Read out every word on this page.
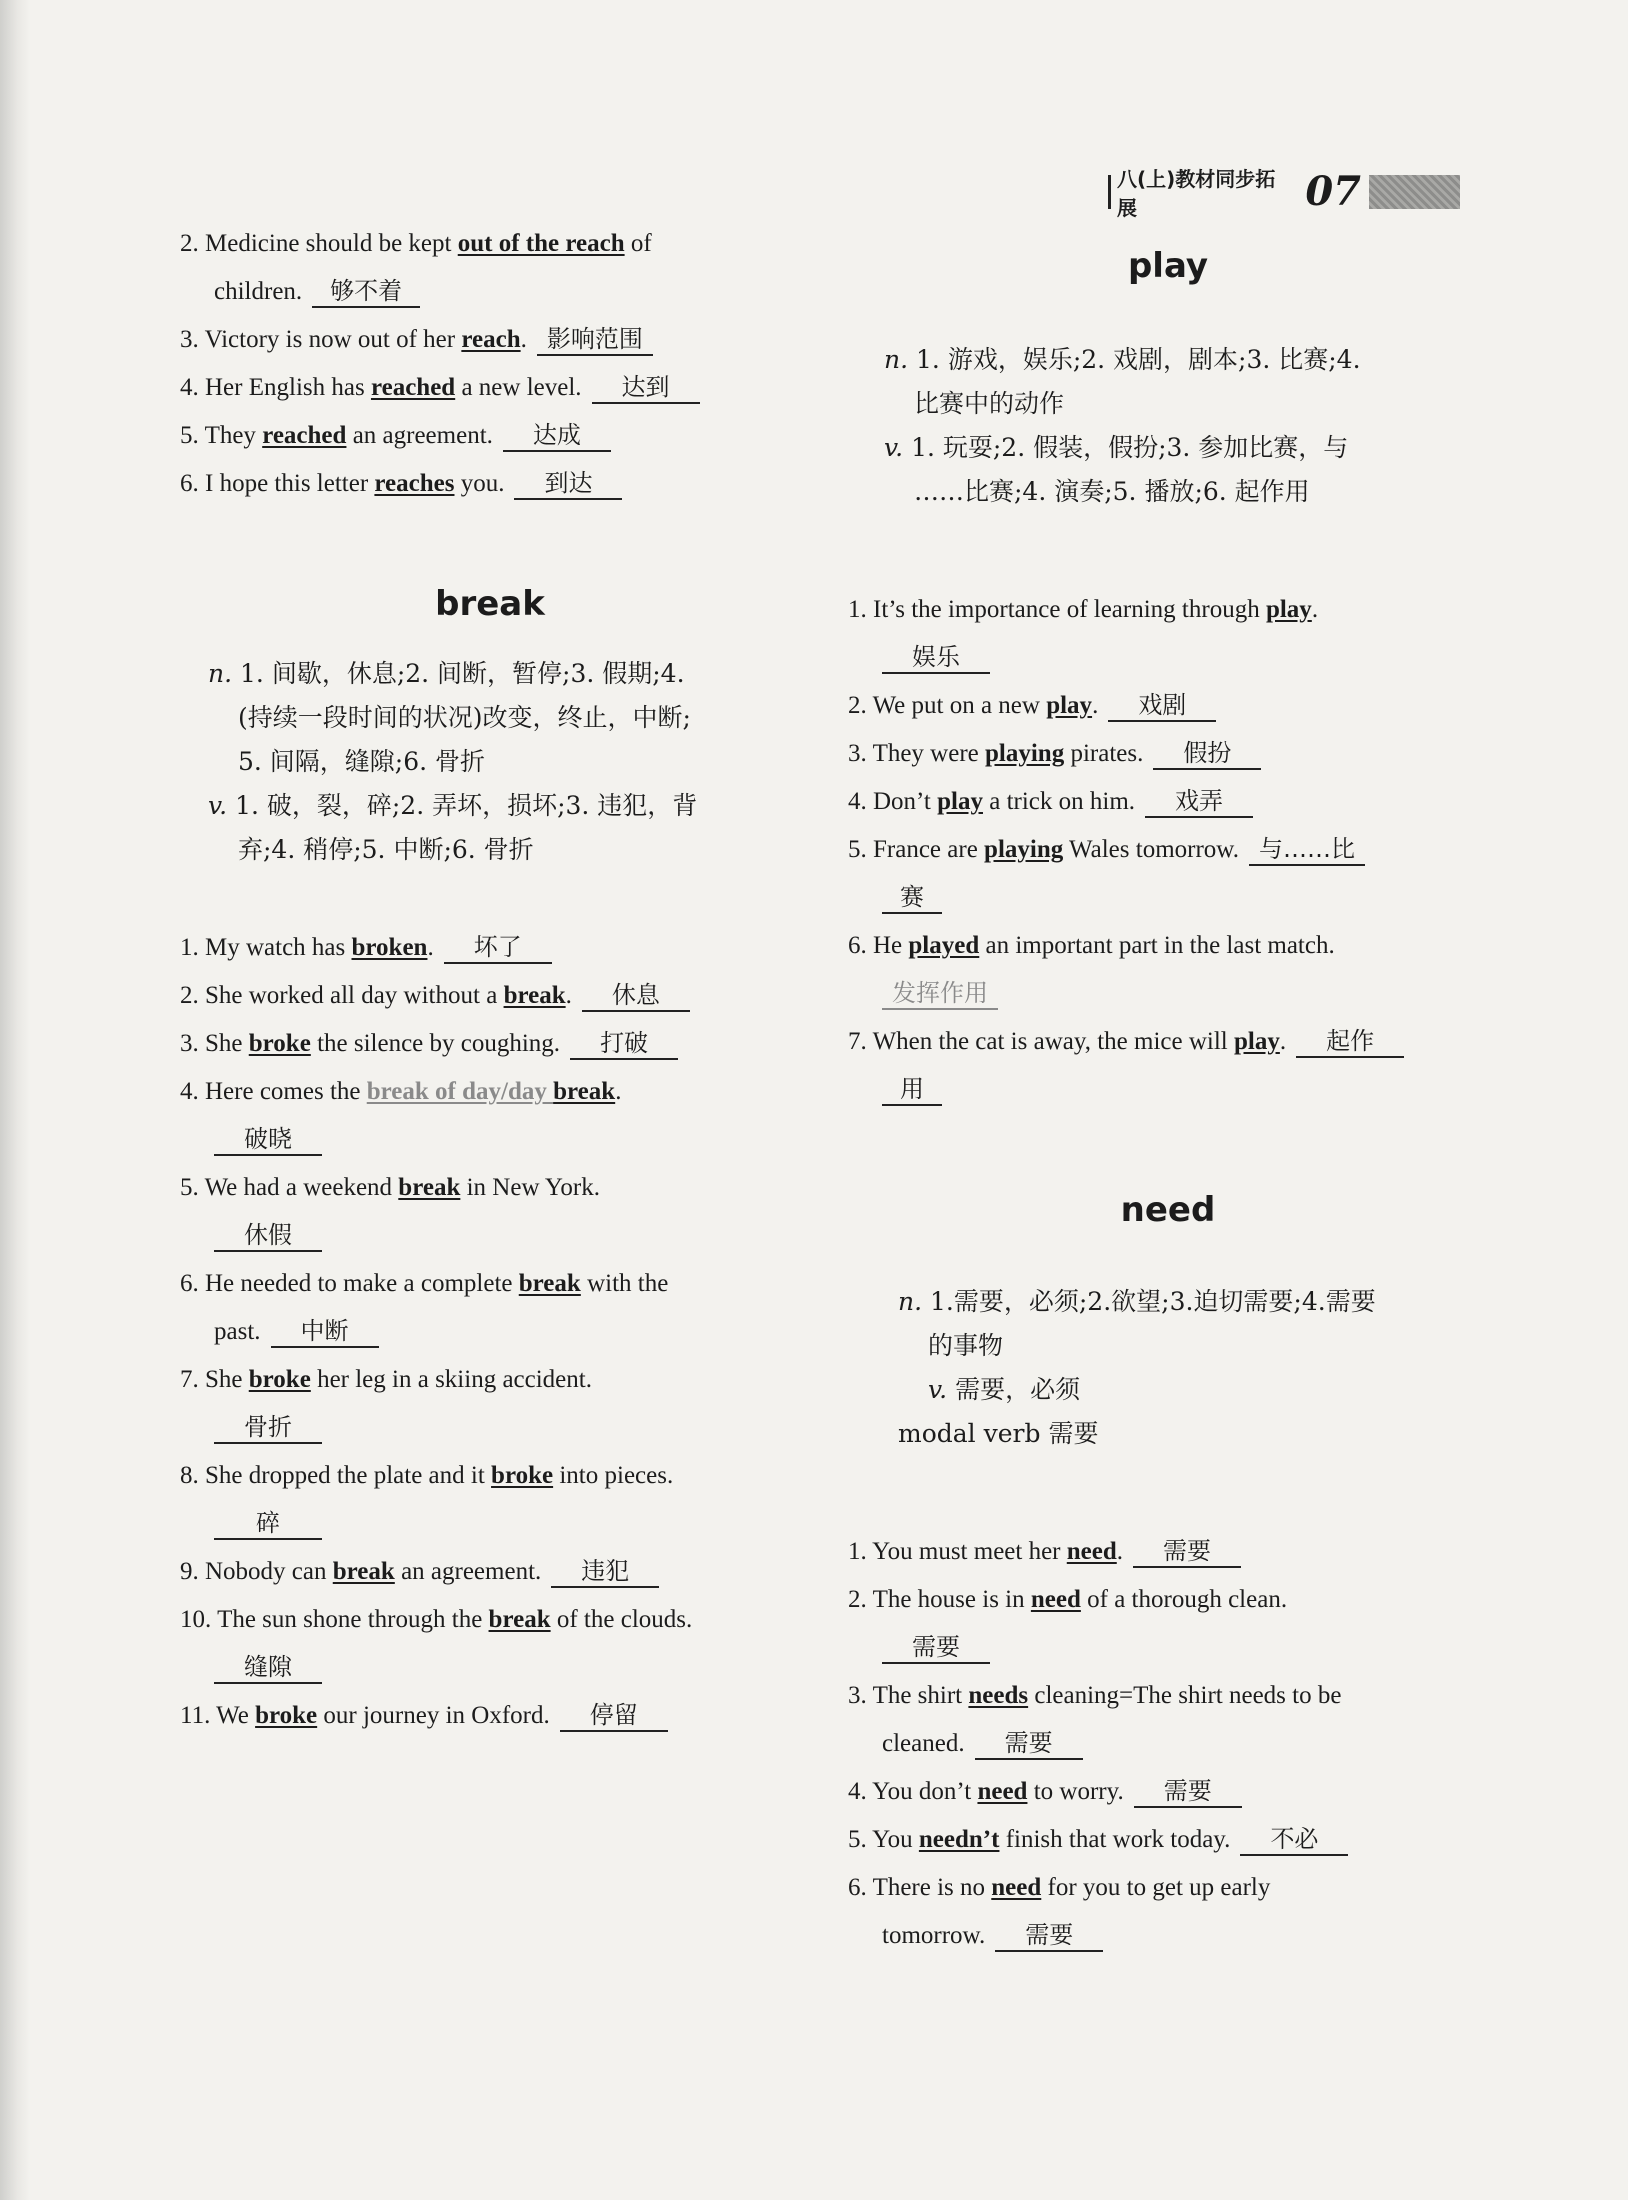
八(上)教材同步拓展	07

2. Medicine should be kept out of the reach of

children. 够不着

3. Victory is now out of her reach. 影响范围

4. Her English has reached a new level. 达到

5. They reached an agreement. 达成

6. I hope this letter reaches you. 到达

break

n. 1. 间歇，休息;2. 间断，暂停;3. 假期;4.

(持续一段时间的状况)改变，终止，中断;

5. 间隔，缝隙;6. 骨折

v. 1. 破，裂，碎;2. 弄坏，损坏;3. 违犯，背

弃;4. 稍停;5. 中断;6. 骨折

1. My watch has broken. 坏了

2. She worked all day without a break. 休息

3. She broke the silence by coughing. 打破

4. Here comes the break of day/day break.

破晓

5. We had a weekend break in New York.

休假

6. He needed to make a complete break with the

past. 中断

7. She broke her leg in a skiing accident.

骨折

8. She dropped the plate and it broke into pieces.

碎

9. Nobody can break an agreement. 违犯

10. The sun shone through the break of the clouds.

缝隙

11. We broke our journey in Oxford. 停留

play

n. 1. 游戏，娱乐;2. 戏剧，剧本;3. 比赛;4.

比赛中的动作

v. 1. 玩耍;2. 假装，假扮;3. 参加比赛，与

……比赛;4. 演奏;5. 播放;6. 起作用

1. It’s the importance of learning through play.

娱乐

2. We put on a new play. 戏剧

3. They were playing pirates. 假扮

4. Don’t play a trick on him. 戏弄

5. France are playing Wales tomorrow. 与……比

赛

6. He played an important part in the last match.

发挥作用

7. When the cat is away, the mice will play. 起作

用

need

n. 1.需要，必须;2.欲望;3.迫切需要;4.需要

的事物

v. 需要，必须

modal verb 需要

1. You must meet her need. 需要

2. The house is in need of a thorough clean.

需要

3. The shirt needs cleaning=The shirt needs to be

cleaned. 需要

4. You don’t need to worry. 需要

5. You needn’t finish that work today. 不必

6. There is no need for you to get up early

tomorrow. 需要
